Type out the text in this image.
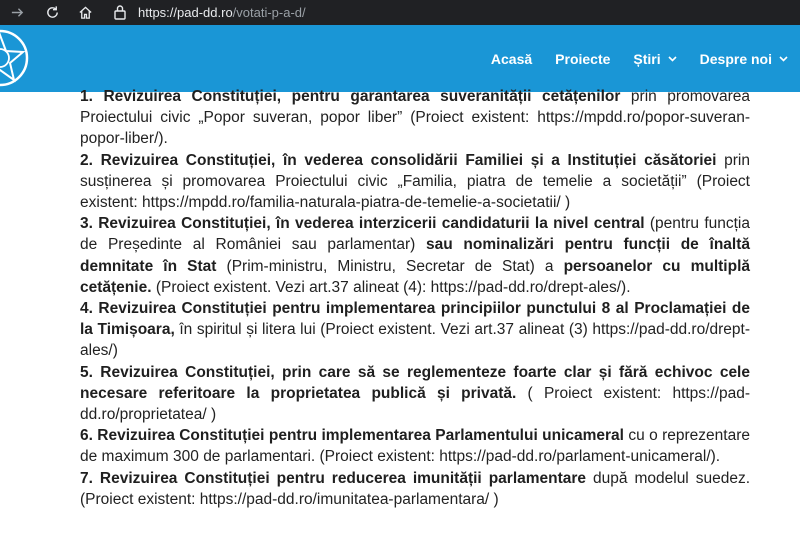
https://pad-dd.ro/votati-p-a-d/
Acasă Proiecte Știri	Despre noi

1. Revizuirea Constituției, pentru garantarea suveranității cetățenilor prin promovarea Proiectului civic „Popor suveran, popor liber” (Proiect existent: https://mpdd.ro/popor-suveran-popor-liber/).

2. Revizuirea Constituției, în vederea consolidării Familiei și a Instituției căsătoriei prin susținerea și promovarea Proiectului civic „Familia, piatra de temelie a societății” (Proiect existent: https://mpdd.ro/familia-naturala-piatra-de-temelie-a-societatii/ )

3. Revizuirea Constituției, în vederea interzicerii candidaturii la nivel central (pentru funcția de Președinte al României sau parlamentar) sau nominalizări pentru funcții de înaltă demnitate în Stat (Prim-ministru, Ministru, Secretar de Stat) a persoanelor cu multiplă cetățenie. (Proiect existent. Vezi art.37 alineat (4): https://pad-dd.ro/drept-ales/).

4. Revizuirea Constituției pentru implementarea principiilor punctului 8 al Proclamației de la Timișoara, în spiritul și litera lui (Proiect existent. Vezi art.37 alineat (3) https://pad-dd.ro/drept-ales/)

5. Revizuirea Constituției, prin care să se reglementeze foarte clar și fără echivoc cele necesare referitoare la proprietatea publică și privată. ( Proiect existent: https://pad-dd.ro/proprietatea/ )

6. Revizuirea Constituției pentru implementarea Parlamentului unicameral cu o reprezentare de maximum 300 de parlamentari. (Proiect existent: https://pad-dd.ro/parlament-unicameral/).

7. Revizuirea Constituției pentru reducerea imunității parlamentare după modelul suedez. (Proiect existent: https://pad-dd.ro/imunitatea-parlamentara/ )
